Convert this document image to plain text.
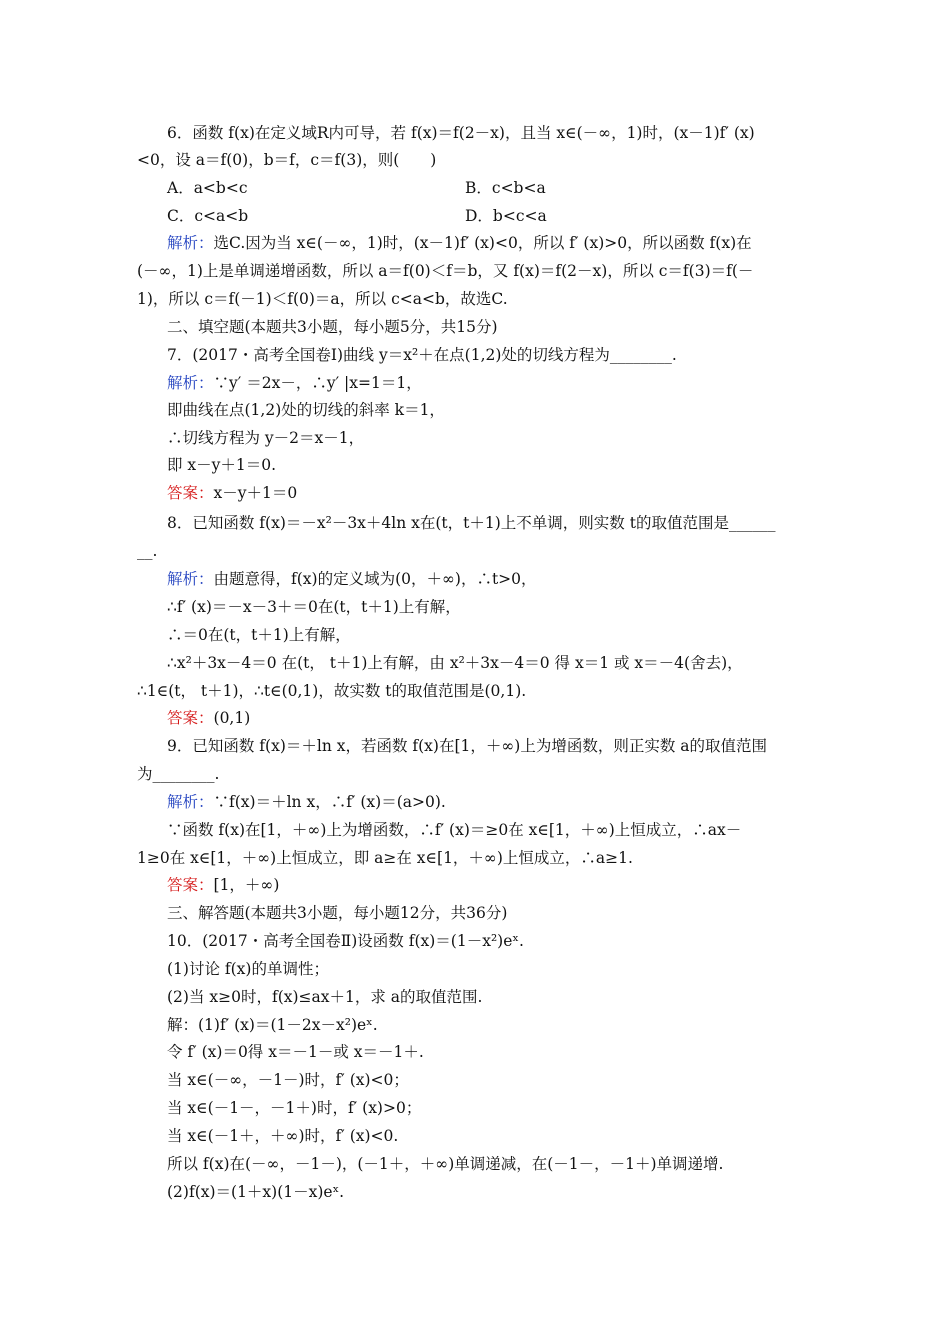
6．函数 f(x)在定义域R内可导，若 f(x)＝f(2－x)，且当 x∈(－∞，1)时，(x－1)f′ (x)
<0，设 a＝f(0)，b＝f，c＝f(3)，则(　　)
A．a<b<c	B．c<b<a
C．c<a<b	D．b<c<a
解析：选C.因为当 x∈(－∞，1)时，(x－1)f′ (x)<0，所以 f′ (x)>0，所以函数 f(x)在
(－∞，1)上是单调递增函数，所以 a＝f(0)＜f＝b，又 f(x)＝f(2－x)，所以 c＝f(3)＝f(－
1)，所以 c＝f(－1)＜f(0)＝a，所以 c<a<b，故选C.
二、填空题(本题共3小题，每小题5分，共15分)
7．(2017・高考全国卷Ⅰ)曲线 y＝x²＋在点(1,2)处的切线方程为________.
解析：∵y′ ＝2x－，∴y′ |x=1＝1，
即曲线在点(1,2)处的切线的斜率 k＝1，
∴切线方程为 y－2＝x－1，
即 x－y＋1＝0.
答案：x－y＋1＝0
8．已知函数 f(x)＝－x²－3x＋4ln x在(t，t＋1)上不单调，则实数 t的取值范围是______
__.
解析：由题意得，f(x)的定义域为(0，＋∞)，∴t>0，
∴f′ (x)＝－x－3＋＝0在(t，t＋1)上有解，
∴＝0在(t，t＋1)上有解，
∴x²＋3x－4＝0 在(t， t＋1)上有解，由 x²＋3x－4＝0 得 x＝1 或 x＝－4(舍去)，
∴1∈(t， t＋1)，∴t∈(0,1)，故实数 t的取值范围是(0,1).
答案：(0,1)
9．已知函数 f(x)＝＋ln x，若函数 f(x)在[1，＋∞)上为增函数，则正实数 a的取值范围
为________.
解析：∵f(x)＝＋ln x，∴f′ (x)＝(a>0).
∵函数 f(x)在[1，＋∞)上为增函数，∴f′ (x)＝≥0在 x∈[1，＋∞)上恒成立，∴ax－
1≥0在 x∈[1，＋∞)上恒成立，即 a≥在 x∈[1，＋∞)上恒成立，∴a≥1.
答案：[1，＋∞)
三、解答题(本题共3小题，每小题12分，共36分)
10．(2017・高考全国卷Ⅱ)设函数 f(x)＝(1－x²)eˣ.
(1)讨论 f(x)的单调性；
(2)当 x≥0时，f(x)≤ax＋1，求 a的取值范围.
解：(1)f′ (x)＝(1－2x－x²)eˣ.
令 f′ (x)＝0得 x＝－1－或 x＝－1＋.
当 x∈(－∞，－1－)时，f′ (x)<0；
当 x∈(－1－，－1＋)时，f′ (x)>0；
当 x∈(－1＋，＋∞)时，f′ (x)<0.
所以 f(x)在(－∞，－1－)，(－1＋，＋∞)单调递减，在(－1－，－1＋)单调递增.
(2)f(x)＝(1＋x)(1－x)eˣ.
